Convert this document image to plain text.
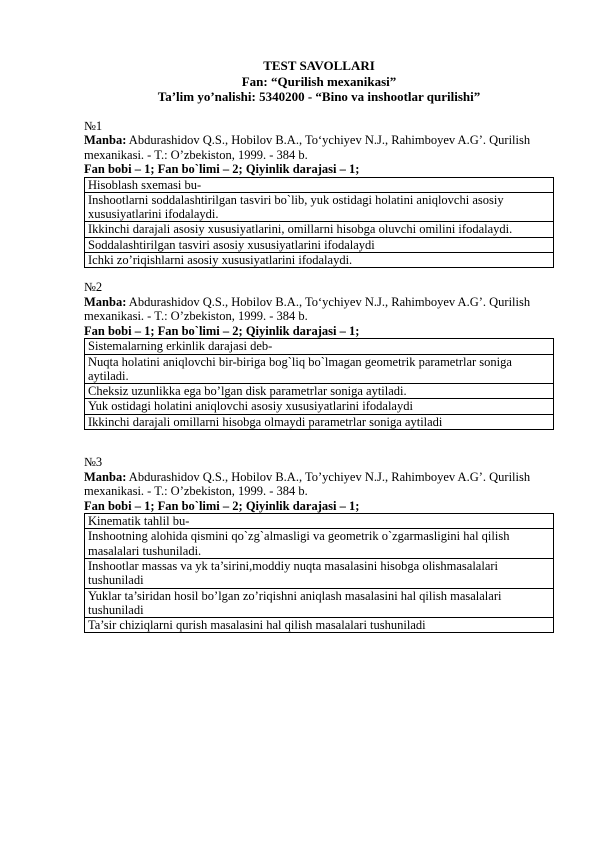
TEST SAVOLLARI
Fan: “Qurilish mexanikasi”
Ta’lim yo’nalishi: 5340200 - “Bino va inshootlar qurilishi”
№1
Manba: Abdurashidov Q.S., Hobilov B.A., To‘ychiyev N.J., Rahimboyev A.G’. Qurilish mexanikasi. - T.: O’zbekiston, 1999. - 384 b.
Fan bobi – 1; Fan bo`limi – 2; Qiyinlik darajasi – 1;
Hisoblash sxemasi bu-
Inshootlarni soddalashtirilgan tasviri bo`lib, yuk ostidagi holatini aniqlovchi asosiy xususiyatlarini ifodalaydi.
Ikkinchi darajali asosiy xususiyatlarini, omillarni hisobga oluvchi omilini ifodalaydi.
Soddalashtirilgan tasviri asosiy xususiyatlarini ifodalaydi
Ichki zo’riqishlarni asosiy xususiyatlarini ifodalaydi.
№2
Manba: Abdurashidov Q.S., Hobilov B.A., To‘ychiyev N.J., Rahimboyev A.G’. Qurilish mexanikasi. - T.: O’zbekiston, 1999. - 384 b.
Fan bobi – 1; Fan bo`limi – 2; Qiyinlik darajasi – 1;
Sistemalarning erkinlik darajasi deb-
Nuqta holatini aniqlovchi bir-biriga bog`liq bo`lmagan geometrik parametrlar soniga aytiladi.
Cheksiz uzunlikka ega bo’lgan disk parametrlar soniga aytiladi.
Yuk ostidagi holatini aniqlovchi asosiy xususiyatlarini ifodalaydi
Ikkinchi darajali omillarni hisobga olmaydi parametrlar soniga aytiladi
№3
Manba: Abdurashidov Q.S., Hobilov B.A., To’ychiyev N.J., Rahimboyev A.G’. Qurilish mexanikasi. - T.: O’zbekiston, 1999. - 384 b.
Fan bobi – 1; Fan bo`limi – 2; Qiyinlik darajasi – 1;
Kinematik tahlil bu-
Inshootning alohida qismini qo`zg`almasligi va geometrik o`zgarmasligini hal qilish masalalari tushuniladi.
Inshootlar massas va yk ta’sirini,moddiy nuqta masalasini hisobga olishmasalalari tushuniladi
Yuklar ta’siridan hosil bo’lgan zo’riqishni aniqlash masalasini hal qilish masalalari tushuniladi
Ta’sir chiziqlarni qurish masalasini hal qilish masalalari tushuniladi
